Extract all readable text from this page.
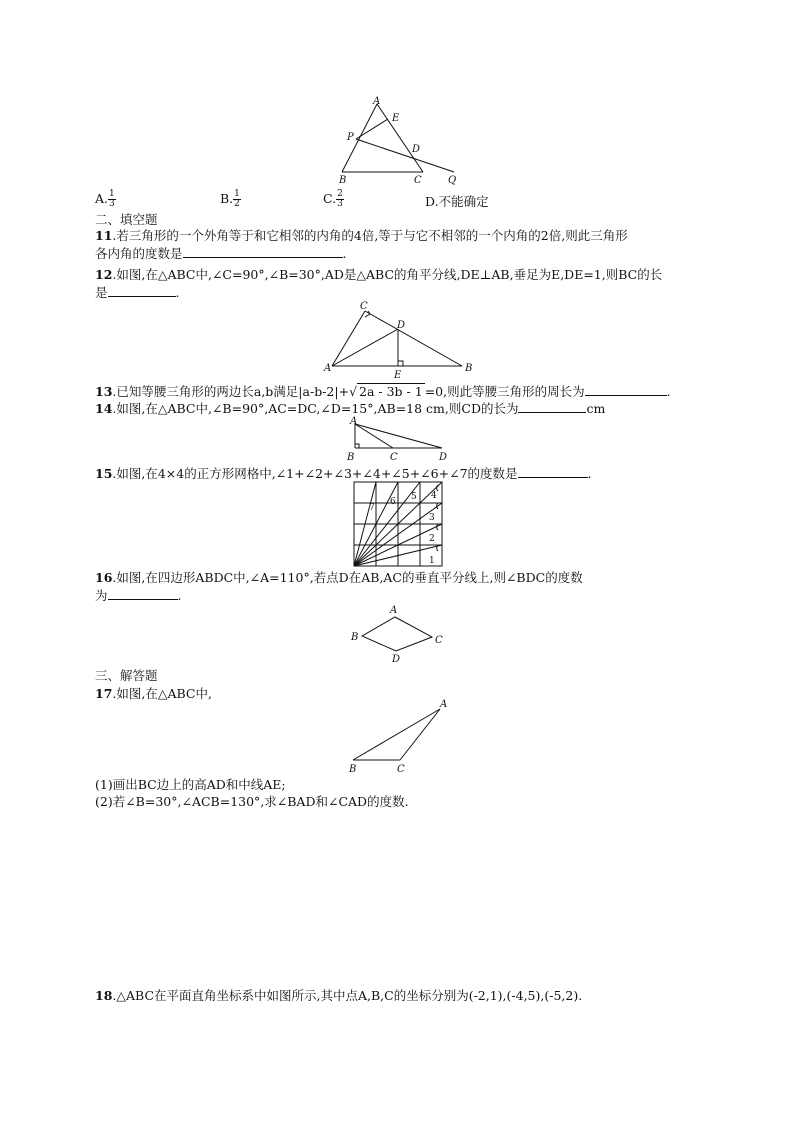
A
E
P
D
B	C	Q
A. $\frac{1}{3}$	B. $\frac{1}{2}$	C. $\frac{2}{3}$	D.不能确定
二、填空题
11.若三角形的一个外角等于和它相邻的内角的4倍,等于与它不相邻的一个内角的2倍,则此三角形
各内角的度数是	.
12.如图,在△ABC中,∠C=90°,∠B=30°,AD是△ABC的角平分线,DE⊥AB,垂足为E,DE=1,则BC的长
是	.
C
D
A
E
B
13.已知等腰三角形的两边长a,b满足|a-b-2|+√ 2a - 3b - 1 =0,则此等腰三角形的周长为	.
14.如图,在△ABC中,∠B=90°,AC=DC,∠D=15°,AB=18 cm,则CD的长为	cm
A
B	C	D
15.如图,在4×4的正方形网格中,∠1+∠2+∠3+∠4+∠5+∠6+∠7的度数是	.
1
2
3
4
5
6
7
16.如图,在四边形ABDC中,∠A=110°,若点D在AB,AC的垂直平分线上,则∠BDC的度数
为	.
A
B	C
D
三、解答题
17.如图,在△ABC中,
A
B	C
(1)画出BC边上的高AD和中线AE;
(2)若∠B=30°,∠ACB=130°,求∠BAD和∠CAD的度数.
18.△ABC在平面直角坐标系中如图所示,其中点A,B,C的坐标分别为(-2,1),(-4,5),(-5,2).
